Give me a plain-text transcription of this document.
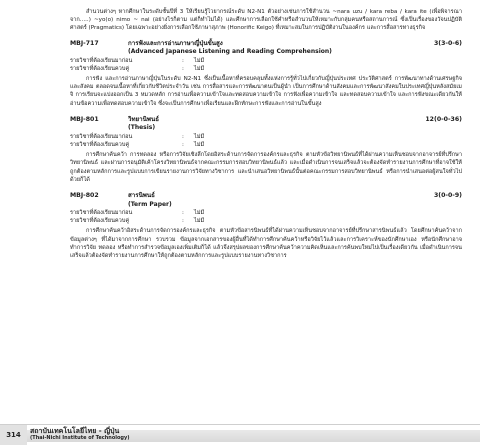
สำนวนต่างๆ หากศึกษาในระดับชั้นปีที่ 3 ให้เรียนรู้ไวยากรณ์ระดับ N2-N1 ตัวอย่างเช่นการใช้สำนวน ~nara uzu / kara reba / kara ite (เพื่อพิจารณาจาก.....) ~yo(o) nimo ~ nai (อย่างไรก็ตาม แต่ก็ทำไม่ได้) และศึกษาการเลือกใช้คำหรือสำนวนให้เหมาะกับกลุ่มคนหรือสถานการณ์ ซึ่งเป็นเรื่องของวัจนปฏิบัติศาสตร์ (Pragmatics) โดยเฉพาะอย่างยิ่งการเลือกใช้ภาษาสุภาพ (Honorific Keigo) ที่เหมาะสมในการปฏิบัติงานในองค์กร และการสื่อสารทางธุรกิจ

MBJ-717	การฟังและการอ่านภาษาญี่ปุ่นขั้นสูง	3(3-0-6)
(Advanced Japanese Listening and Reading Comprehension)
รายวิชาที่ต้องเรียนมาก่อน	:	ไม่มี
รายวิชาที่ต้องเรียนควบคู่	:	ไม่มี

การฟัง และการอ่านภาษาญี่ปุ่นในระดับ N2-N1 ซึ่งเป็นเนื้อหาที่ครอบคลุมทั้งแห่งการรู้ทั่วไปเกี่ยวกับญี่ปุ่นประเทศ ประวัติศาสตร์ การพัฒนาทางด้านเศรษฐกิจและสังคม ตลอดจนเนื้อหาที่เกี่ยวกับชีวิตประจำวัน เช่น การสื่อสารและการพัฒนาตนเป็นผู้นำ เป็นการศึกษาด้านสังคมและการพัฒนาสังคมในประเทศญี่ปุ่นหลังสมัยเมจิ การเรียนจะแบ่งออกเป็น 3 หมวดหลัก การอ่านเพื่อความเข้าใจและทดสอบความเข้าใจ การฟังเพื่อความเข้าใจ และทดสอบความเข้าใจ และการฟังขณะเดียวกันให้อ่านข้อความเพื่อทดสอบความเข้าใจ ซึ่งจะเป็นการศึกษาเพื่อเรียนและฝึกทักษะการฟังและการอ่านในขั้นสูง

MBJ-801	วิทยานิพนธ์	12(0-0-36)
(Thesis)
รายวิชาที่ต้องเรียนมาก่อน	:	ไม่มี
รายวิชาที่ต้องเรียนควบคู่	:	ไม่มี

การศึกษาค้นคว้า การทดลอง หรือการวิจัยเชิงลึกโดยอิสระด้านการจัดการองค์กรและธุรกิจ ตามหัวข้อวิทยานิพนธ์ที่ได้ผ่านความเห็นชอบจากอาจารย์ที่ปรึกษาวิทยานิพนธ์ และผ่านการอนุมัติเค้าโครงวิทยานิพนธ์จากคณะกรรมการสอบวิทยานิพนธ์แล้ว และเมื่อดำเนินการจนเสร็จแล้วจะต้องจัดทำรายงานการศึกษาที่อาจใช้ให้ถูกต้องตามหลักการและรูปแบบการเขียนรายงานการวิจัยทางวิชาการ และนำเสนอวิทยานิพนธ์นั้นต่อคณะกรรมการสอบวิทยานิพนธ์ หรือการนำเสนอต่อผู้สนใจทั่วไปด้วยก็ได้

MBJ-802	สารนิพนธ์	3(0-0-9)
(Term Paper)
รายวิชาที่ต้องเรียนมาก่อน	:	ไม่มี
รายวิชาที่ต้องเรียนควบคู่	:	ไม่มี

การศึกษาค้นคว้าอิสระด้านการจัดการองค์กรและธุรกิจ ตามหัวข้อสารนิพนธ์ที่ได้ผ่านความเห็นชอบจากอาจารย์ที่ปรึกษาสารนิพนธ์แล้ว โดยศึกษาค้นคว้าจากข้อมูลต่างๆ ที่ได้มาจากการศึกษา รวบรวม ข้อมูลจากเอกสารของผู้อื่นที่ได้ทำการศึกษาค้นคว้าหรือวิจัยไว้แล้วและการวิเคราะห์ของนักศึกษาเอง หรือนักศึกษาอาจทำการวิจัย ทดลอง หรือทำการสำรวจข้อมูลเองเพิ่มเติมก็ได้ แล้วจึงสรุปผลของการศึกษาค้นคว้าความคิดเห็นและการค้นพบใหม่ไปเป็นเรื่องเดียวกัน เมื่อดำเนินการจนเสร็จแล้วต้องจัดทำรายงานการศึกษาให้ถูกต้องตามหลักการและรูปแบบรายงานทางวิชาการ

314	สถาบันเทคโนโลยีไทย - ญี่ปุ่น
(Thai-Nichi Institute of Technology)
